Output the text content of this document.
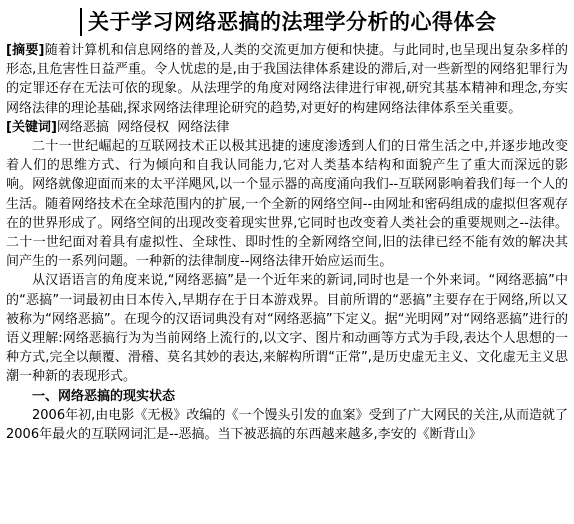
关于学习网络恶搞的法理学分析的心得体会

[摘要]随着计算机和信息网络的普及,人类的交流更加方便和快捷。与此同时,也呈现出复杂多样的形态,且危害性日益严重。令人忧虑的是,由于我国法律体系建设的滞后,对一些新型的网络犯罪行为的定罪还存在无法可依的现象。从法理学的角度对网络法律进行审视,研究其基本精神和理念,夯实网络法律的理论基础,探求网络法律理论研究的趋势,对更好的构建网络法律体系至关重要。

[关键词]网络恶搞  网络侵权  网络法律

二十一世纪崛起的互联网技术正以极其迅捷的速度渗透到人们的日常生活之中,并逐步地改变着人们的思维方式、行为倾向和自我认同能力,它对人类基本结构和面貌产生了重大而深远的影响。网络就像迎面而来的太平洋飓风,以一个显示器的高度涌向我们--互联网影响着我们每一个人的生活。随着网络技术在全球范围内的扩展,一个全新的网络空间--由网址和密码组成的虚拟但客观存在的世界形成了。网络空间的出现改变着现实世界,它同时也改变着人类社会的重要规则之--法律。二十一世纪面对着具有虚拟性、全球性、即时性的全新网络空间,旧的法律已经不能有效的解决其间产生的一系列问题。一种新的法律制度--网络法律开始应运而生。

从汉语语言的角度来说,“网络恶搞”是一个近年来的新词,同时也是一个外来词。“网络恶搞”中的“恶搞”一词最初由日本传入,早期存在于日本游戏界。目前所谓的“恶搞”主要存在于网络,所以又被称为“网络恶搞”。在现今的汉语词典没有对“网络恶搞”下定义。据“光明网”对“网络恶搞”进行的语义理解:网络恶搞行为为当前网络上流行的,以文字、图片和动画等方式为手段,表达个人思想的一种方式,完全以颠覆、滑稽、莫名其妙的表达,来解构所谓“正常”,是历史虚无主义、文化虚无主义思潮一种新的表现形式。

一、网络恶搞的现实状态

2006年初,由电影《无极》改编的《一个馒头引发的血案》受到了广大网民的关注,从而造就了2006年最火的互联网词汇是--恶搞。当下被恶搞的东西越来越多,李安的《断背山》
